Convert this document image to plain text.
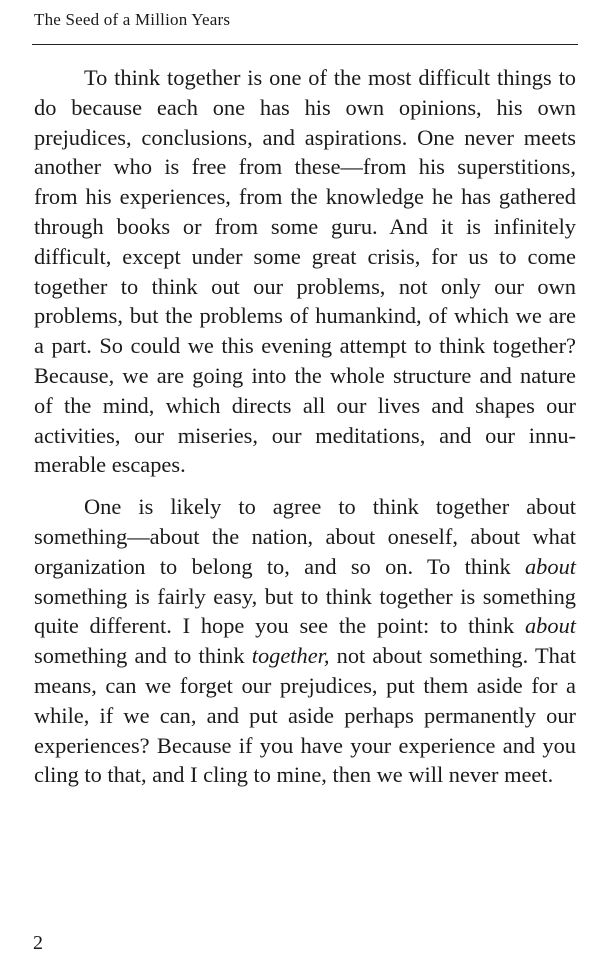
The Seed of a Million Years

To think together is one of the most difficult things to do because each one has his own opinions, his own prejudices, conclusions, and aspirations. One never meets another who is free from these—from his superstitions, from his experiences, from the knowledge he has gathered through books or from some guru. And it is infinitely difficult, except under some great crisis, for us to come together to think out our problems, not only our own problems, but the problems of humankind, of which we are a part. So could we this evening attempt to think together? Because, we are going into the whole structure and nature of the mind, which directs all our lives and shapes our activities, our miseries, our meditations, and our innumerable escapes.

One is likely to agree to think together about something—about the nation, about oneself, about what organization to belong to, and so on. To think about something is fairly easy, but to think together is something quite different. I hope you see the point: to think about something and to think together, not about something. That means, can we forget our prejudices, put them aside for a while, if we can, and put aside perhaps permanently our experiences? Because if you have your experience and you cling to that, and I cling to mine, then we will never meet.

2
